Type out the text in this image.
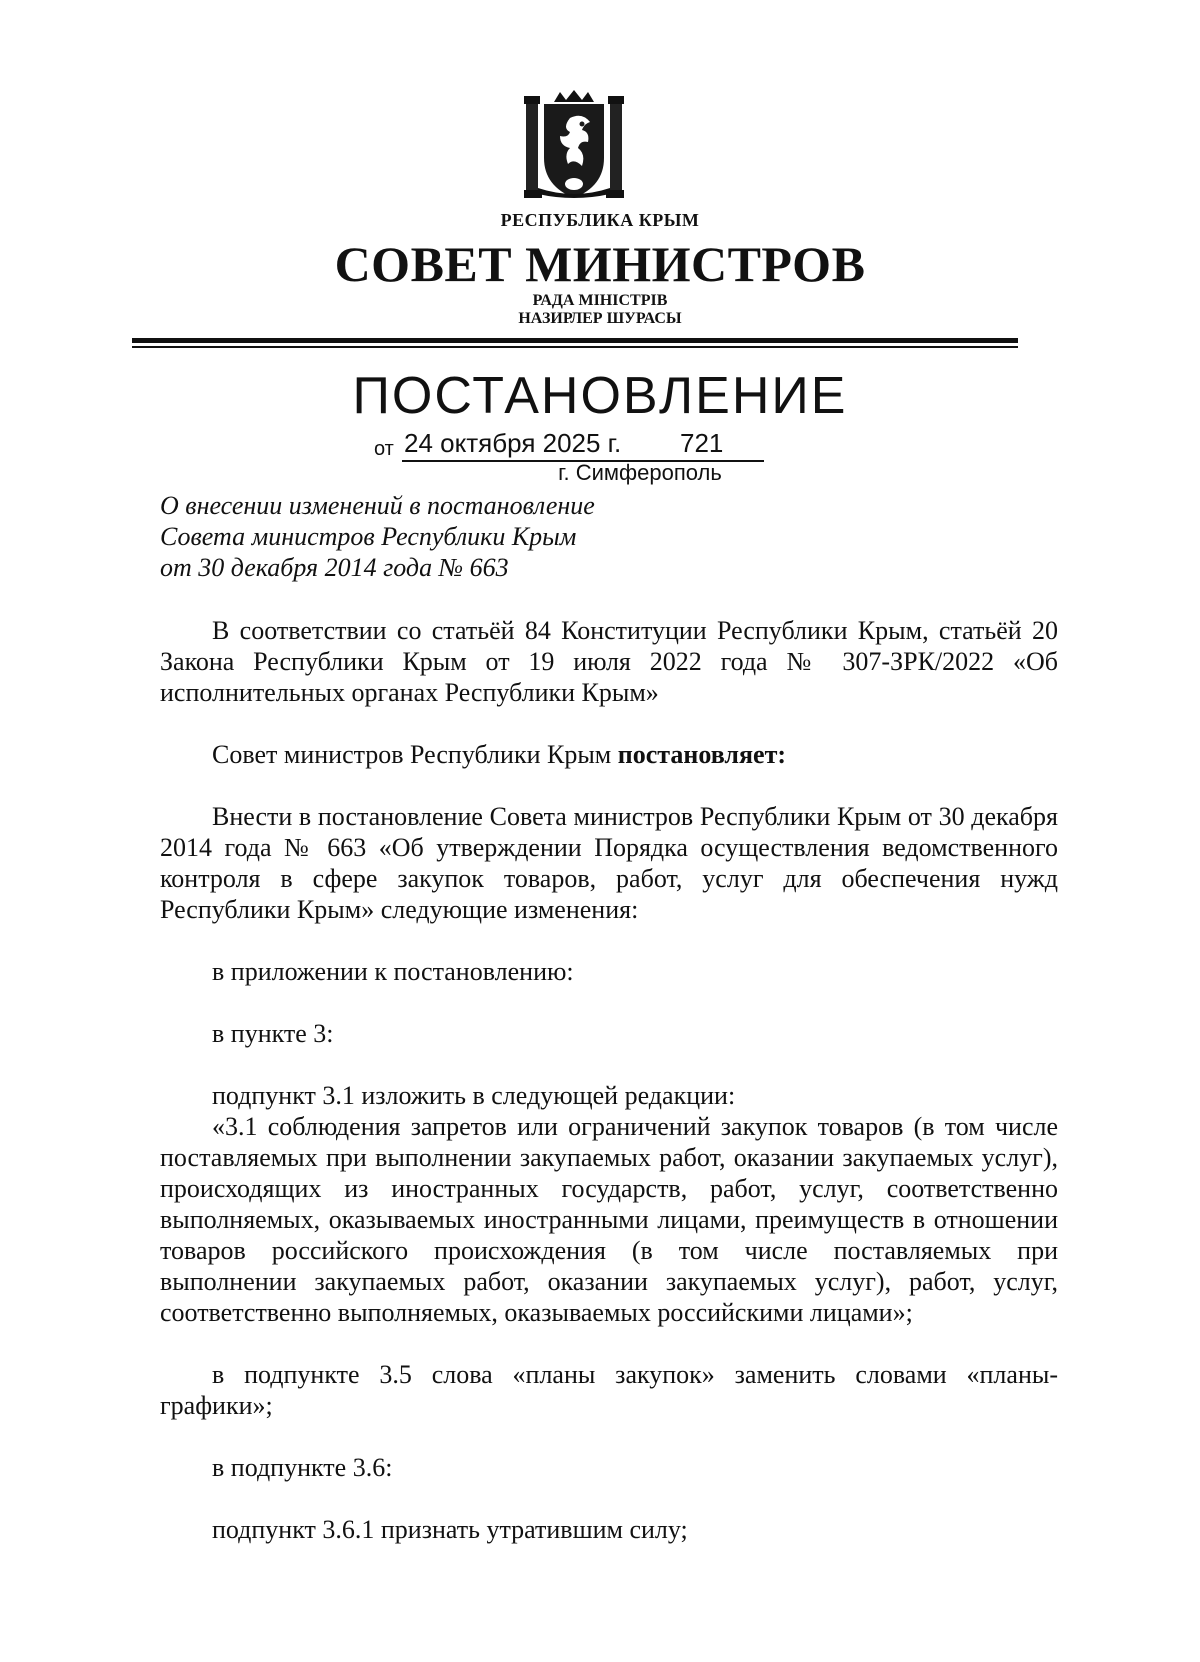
РЕСПУБЛИКА КРЫМ
СОВЕТ МИНИСТРОВ
РАДА МІНІСТРІВ
НАЗИРЛЕР ШУРАСЫ
ПОСТАНОВЛЕНИЕ
от 24 октября 2025 г. 721
г. Симферополь
О внесении изменений в постановление
Совета министров Республики Крым
от 30 декабря 2014 года № 663
В соответствии со статьёй 84 Конституции Республики Крым, статьёй 20 Закона Республики Крым от 19 июля 2022 года № 307-ЗРК/2022 «Об исполнительных органах Республики Крым»
Совет министров Республики Крым постановляет:
Внести в постановление Совета министров Республики Крым от 30 декабря 2014 года № 663 «Об утверждении Порядка осуществления ведомственного контроля в сфере закупок товаров, работ, услуг для обеспечения нужд Республики Крым» следующие изменения:
в приложении к постановлению:
в пункте 3:
подпункт 3.1 изложить в следующей редакции:
«3.1 соблюдения запретов или ограничений закупок товаров (в том числе поставляемых при выполнении закупаемых работ, оказании закупаемых услуг), происходящих из иностранных государств, работ, услуг, соответственно выполняемых, оказываемых иностранными лицами, преимуществ в отношении товаров российского происхождения (в том числе поставляемых при выполнении закупаемых работ, оказании закупаемых услуг), работ, услуг, соответственно выполняемых, оказываемых российскими лицами»;
в подпункте 3.5 слова «планы закупок» заменить словами «планы-графики»;
в подпункте 3.6:
подпункт 3.6.1 признать утратившим силу;
